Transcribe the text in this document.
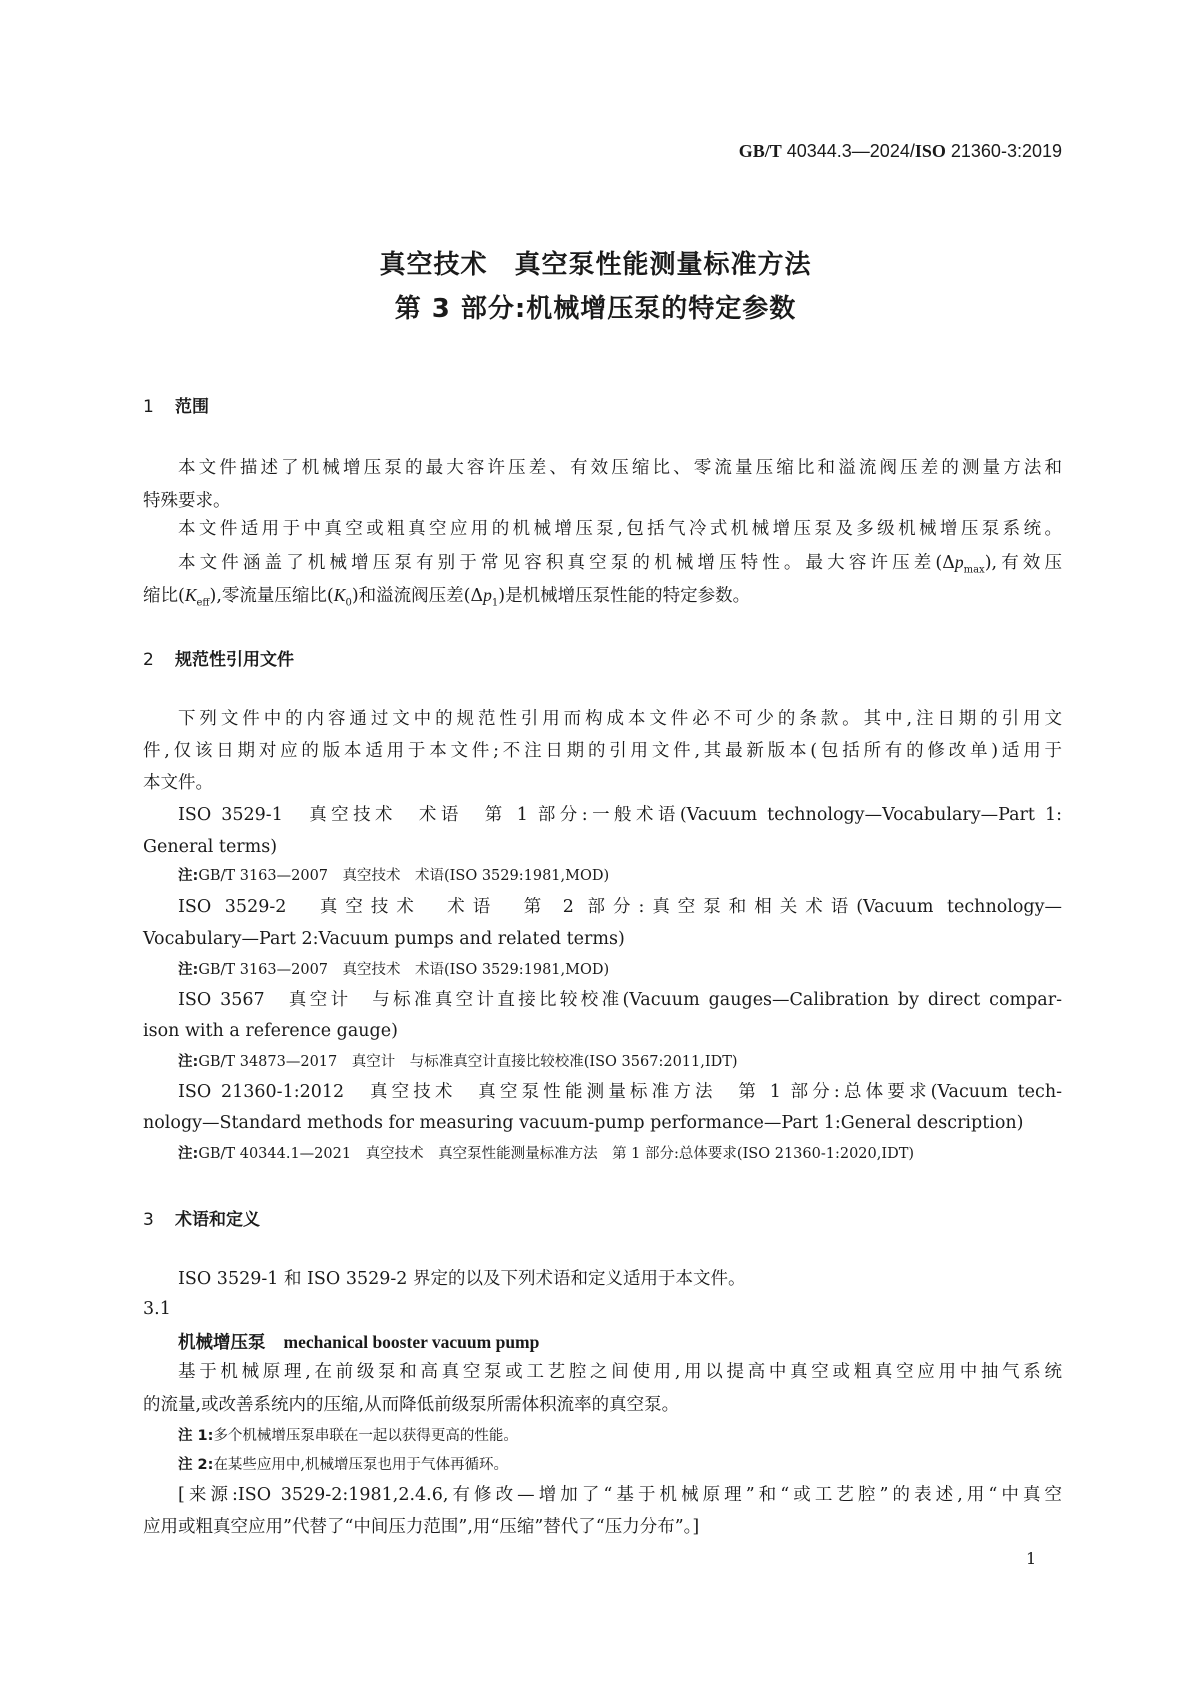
GB/T 40344.3—2024/ISO 21360-3:2019
真空技术　真空泵性能测量标准方法
第 3 部分:机械增压泵的特定参数
1 范围
本文件描述了机械增压泵的最大容许压差、有效压缩比、零流量压缩比和溢流阀压差的测量方法和
特殊要求。
本文件适用于中真空或粗真空应用的机械增压泵,包括气冷式机械增压泵及多级机械增压泵系统。
本文件涵盖了机械增压泵有别于常见容积真空泵的机械增压特性。最大容许压差$(\Delta p_{max})$,有效压
缩比$(K_{eff})$,零流量压缩比$(K_0)$和溢流阀压差$(\Delta p_1)$是机械增压泵性能的特定参数。
2 规范性引用文件
下列文件中的内容通过文中的规范性引用而构成本文件必不可少的条款。其中,注日期的引用文
件,仅该日期对应的版本适用于本文件;不注日期的引用文件,其最新版本(包括所有的修改单)适用于
本文件。
ISO 3529-1　真空技术　术语　第 1 部分:一般术语(Vacuum technology—Vocabulary—Part 1:
General terms)
注:GB/T 3163—2007　真空技术　术语(ISO 3529:1981,MOD)
ISO 3529-2　真空技术　术语　第 2 部分:真空泵和相关术语(Vacuum technology—
Vocabulary—Part 2:Vacuum pumps and related terms)
注:GB/T 3163—2007　真空技术　术语(ISO 3529:1981,MOD)
ISO 3567　真空计　与标准真空计直接比较校准(Vacuum gauges—Calibration by direct compar-
ison with a reference gauge)
注:GB/T 34873—2017　真空计　与标准真空计直接比较校准(ISO 3567:2011,IDT)
ISO 21360-1:2012　真空技术　真空泵性能测量标准方法　第 1 部分:总体要求(Vacuum tech-
nology—Standard methods for measuring vacuum-pump performance—Part 1:General description)
注:GB/T 40344.1—2021　真空技术　真空泵性能测量标准方法　第 1 部分:总体要求(ISO 21360-1:2020,IDT)
3 术语和定义
ISO 3529-1 和 ISO 3529-2 界定的以及下列术语和定义适用于本文件。
3.1
机械增压泵 mechanical booster vacuum pump
基于机械原理,在前级泵和高真空泵或工艺腔之间使用,用以提高中真空或粗真空应用中抽气系统
的流量,或改善系统内的压缩,从而降低前级泵所需体积流率的真空泵。
注 1:多个机械增压泵串联在一起以获得更高的性能。
注 2:在某些应用中,机械增压泵也用于气体再循环。
[来源:ISO 3529-2:1981,2.4.6,有修改—增加了“基于机械原理”和“或工艺腔”的表述,用“中真空
应用或粗真空应用”代替了“中间压力范围”,用“压缩”替代了“压力分布”。]
1
